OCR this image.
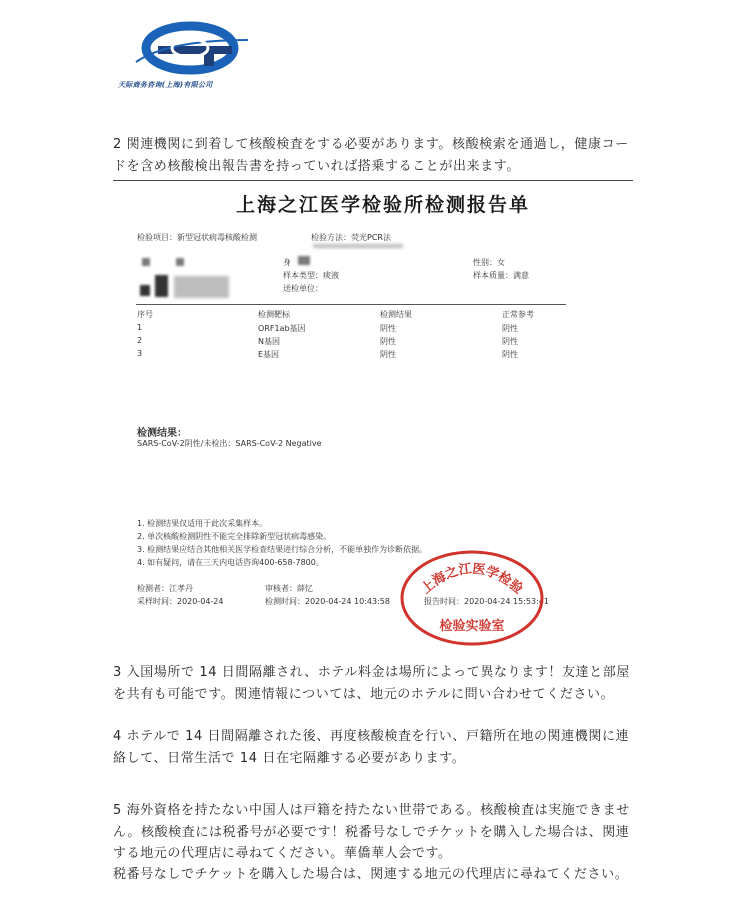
天际商务咨询(上海)有限公司
2 関連機関に到着して核酸検査をする必要があります。核酸検索を通過し，健康コードを含め核酸検出報告書を持っていれば搭乗することが出来ます。
上海之江医学检验所检测报告单
检验项目：新型冠状病毒核酸检测	检验方法：荧光PCR法
身	性别：女
样本类型：痰液	样本质量：满意
送检单位：
序号	检测靶标	检测结果	正常参考
1	ORF1ab基因	阴性	阴性
2	N基因	阴性	阴性
3	E基因	阴性	阴性
检测结果：
SARS-CoV-2阴性/未检出：SARS-CoV-2 Negative
1. 检测结果仅适用于此次采集样本。
2. 单次核酸检测阴性不能完全排除新型冠状病毒感染。
3. 检测结果应结合其他相关医学检查结果进行综合分析，不能单独作为诊断依据。
4. 如有疑问，请在三天内电话咨询400-658-7800。
检测者：江孝丹	审核者：薛忆
采样时间：2020-04-24	检测时间：2020-04-24 10:43:58	报告时间：2020-04-24 15:53:41
上海之江医学检验
检验实验室
3 入国場所で 14 日間隔離され、ホテル料金は場所によって異なります！友達と部屋を共有も可能です。関連情報については、地元のホテルに問い合わせてください。
4 ホテルで 14 日間隔離された後、再度核酸検査を行い、戸籍所在地の関連機関に連絡して、日常生活で 14 日在宅隔離する必要があります。
5 海外資格を持たない中国人は戸籍を持たない世帯である。核酸検査は実施できません。核酸検査には税番号が必要です！税番号なしでチケットを購入した場合は、関連する地元の代理店に尋ねてください。華僑華人会です。
税番号なしでチケットを購入した場合は、関連する地元の代理店に尋ねてください。
